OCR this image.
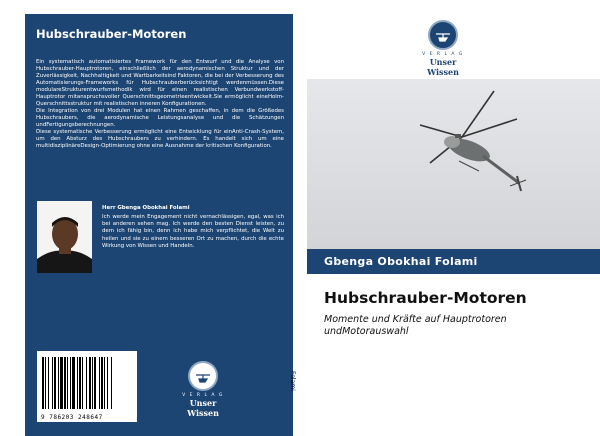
Hubschrauber-Motoren

Ein systematisch automatisiertes Framework für den Entwurf und die Analyse von Hubschrauber-Hauptrotoren, einschließlich der aerodynamischen Struktur und der Zuverlässigkeit, Nachhaltigkeit und Wartbarkeitsind Faktoren, die bei der Verbesserung des Automatisierungs-Frameworks für Hubschrauberberücksichtigt werdenmüssen.Diese modulareStrukturentwurfsmethodik wird für einen realistischen Verbundwerkstoff-Hauptrotor mitanspruchsvoller Querschnittsgeometrieentwickelt.Sie ermöglicht eineHolm-Querschnittsstruktur mit realistischen inneren Konfigurationen.

Die Integration von drei Modulen hat einen Rahmen geschaffen, in dem die Größedes Hubschraubers, die aerodynamische Leistungsanalyse und die Schätzungen undFertigungsberechnungen.

Diese systematische Verbesserung ermöglicht eine Entwicklung für einAnti-Crash-System, um den Absturz des Hubschraubers zu verhindern. Es handelt sich um eine multidisziplinäreDesign-Optimierung ohne eine Ausnahme der kritischen Konfiguration.

Herr Gbenga Obokhai Folami
Ich werde mein Engagement nicht vernachlässigen, egal, was ich bei anderen sehen mag. Ich werde den besten Dienst leisten, zu dem ich fähig bin, denn ich habe mich verpflichtet, die Welt zu heilen und sie zu einem besseren Ort zu machen, durch die echte Wirkung von Wissen und Handeln.
9 786203 248647
V E R L A G
Unser Wissen
Folami
V E R L A G
Unser Wissen
Gbenga Obokhai Folami
Hubschrauber-Motoren
Momente und Kräfte auf Hauptrotoren undMotorauswahl
